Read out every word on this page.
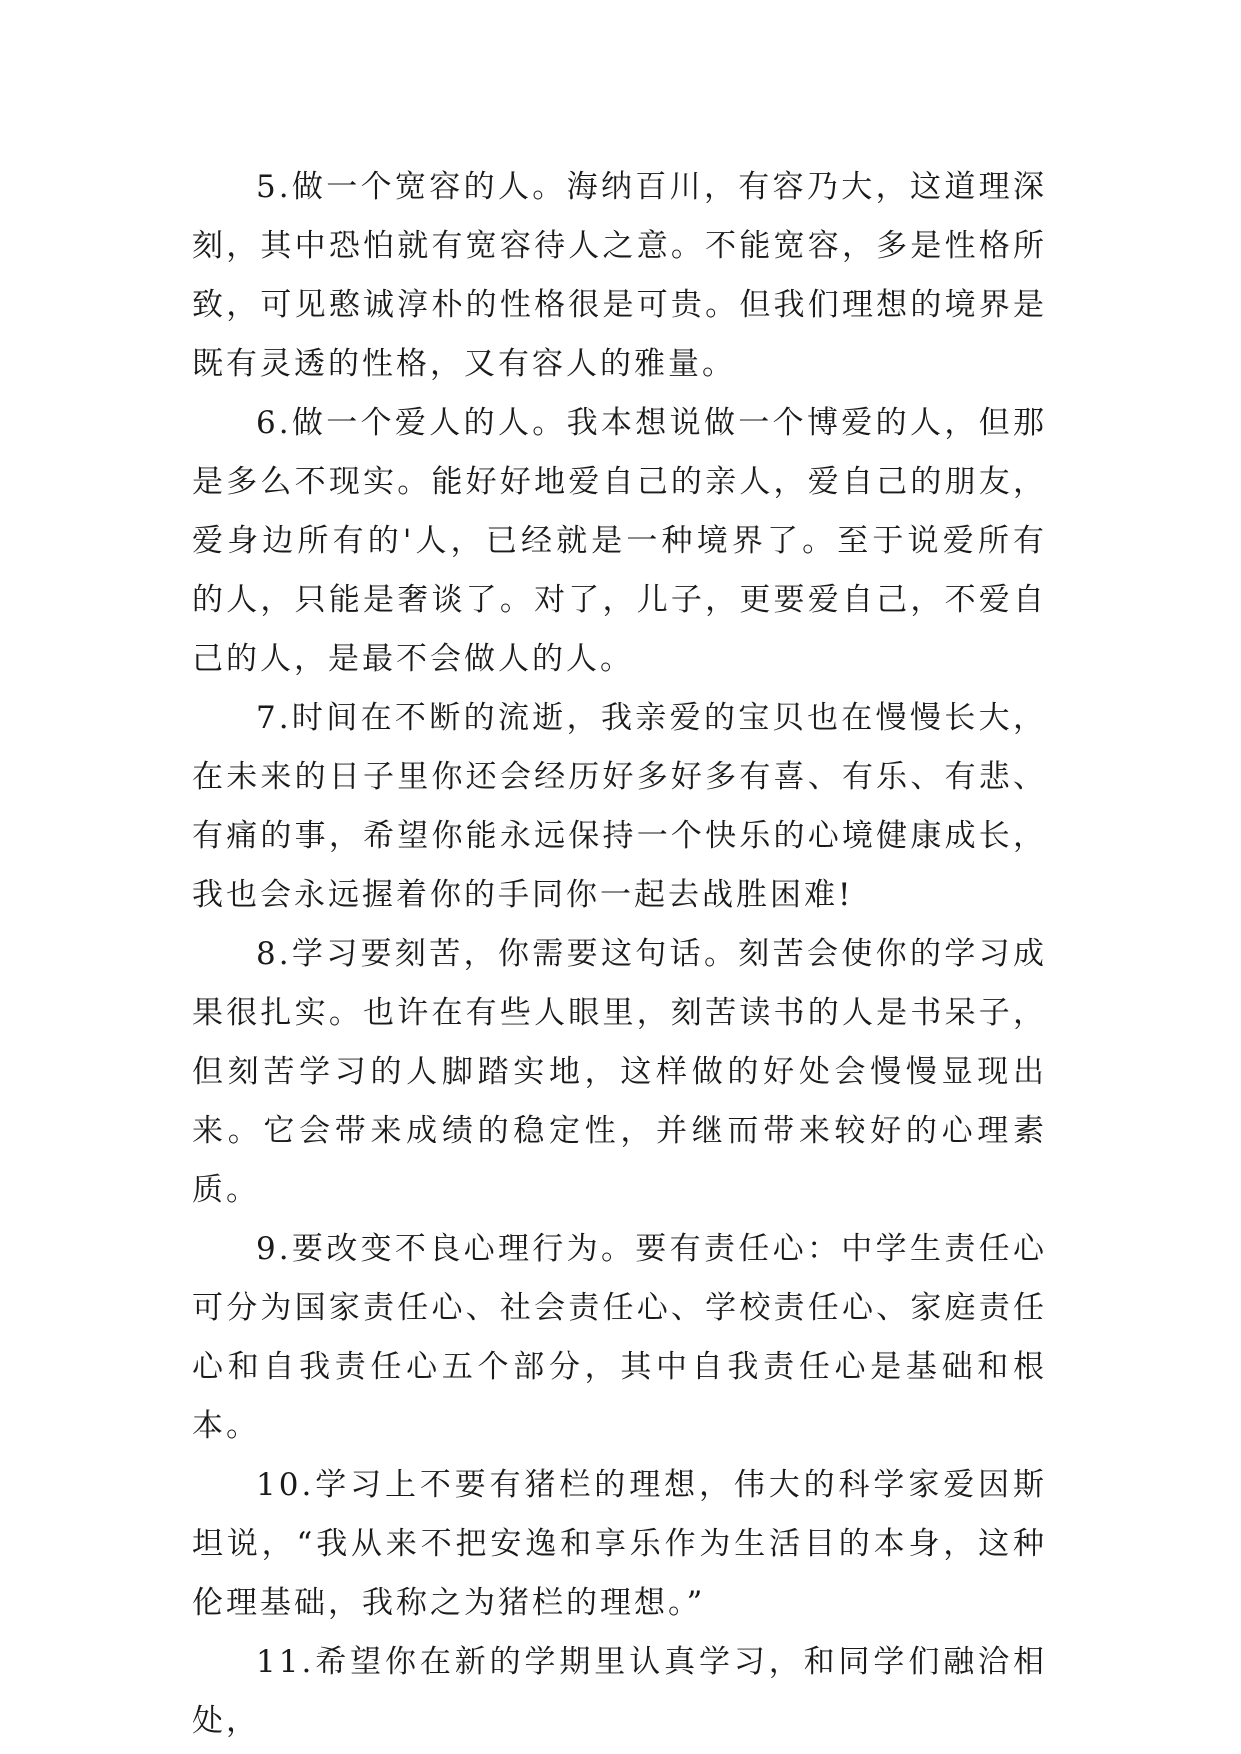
5.做一个宽容的人。海纳百川，有容乃大，这道理深刻，其中恐怕就有宽容待人之意。不能宽容，多是性格所致，可见憨诚淳朴的性格很是可贵。但我们理想的境界是既有灵透的性格，又有容人的雅量。

6.做一个爱人的人。我本想说做一个博爱的人，但那是多么不现实。能好好地爱自己的亲人，爱自己的朋友，爱身边所有的'人，已经就是一种境界了。至于说爱所有的人，只能是奢谈了。对了，儿子，更要爱自己，不爱自己的人，是最不会做人的人。

7.时间在不断的流逝，我亲爱的宝贝也在慢慢长大，在未来的日子里你还会经历好多好多有喜、有乐、有悲、有痛的事，希望你能永远保持一个快乐的心境健康成长，我也会永远握着你的手同你一起去战胜困难!

8.学习要刻苦，你需要这句话。刻苦会使你的学习成果很扎实。也许在有些人眼里，刻苦读书的人是书呆子，但刻苦学习的人脚踏实地，这样做的好处会慢慢显现出来。它会带来成绩的稳定性，并继而带来较好的心理素质。

9.要改变不良心理行为。要有责任心：中学生责任心可分为国家责任心、社会责任心、学校责任心、家庭责任心和自我责任心五个部分，其中自我责任心是基础和根本。

10.学习上不要有猪栏的理想，伟大的科学家爱因斯坦说，“我从来不把安逸和享乐作为生活目的本身，这种伦理基础，我称之为猪栏的理想。”

11.希望你在新的学期里认真学习，和同学们融洽相处，
